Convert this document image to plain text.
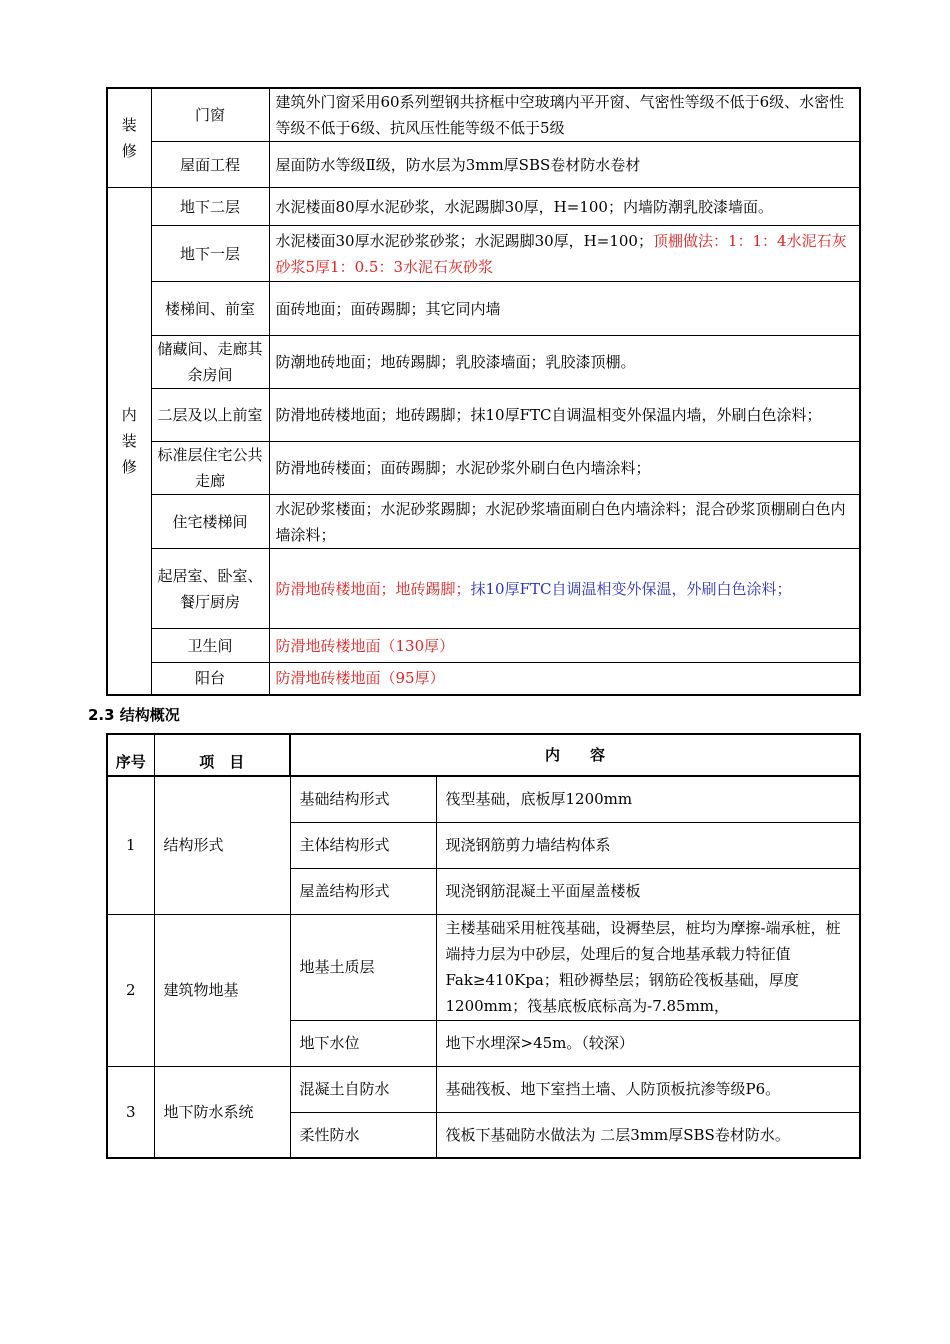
装修	门窗	建筑外门窗采用60系列塑钢共挤框中空玻璃内平开窗、气密性等级不低于6级、水密性等级不低于6级、抗风压性能等级不低于5级
	屋面工程	屋面防水等级Ⅱ级，防水层为3mm厚SBS卷材防水卷材
内装修	地下二层	水泥楼面80厚水泥砂浆，水泥踢脚30厚，H=100；内墙防潮乳胶漆墙面。
	地下一层	水泥楼面30厚水泥砂浆砂浆；水泥踢脚30厚，H=100；顶棚做法：1：1：4水泥石灰砂浆5厚1：0.5：3水泥石灰砂浆
	楼梯间、前室	面砖地面；面砖踢脚；其它同内墙
	储藏间、走廊其余房间	防潮地砖地面；地砖踢脚；乳胶漆墙面；乳胶漆顶棚。
	二层及以上前室	防滑地砖楼地面；地砖踢脚；抹10厚FTC自调温相变外保温内墙，外刷白色涂料；
	标准层住宅公共走廊	防滑地砖楼面；面砖踢脚；水泥砂浆外刷白色内墙涂料；
	住宅楼梯间	水泥砂浆楼面；水泥砂浆踢脚；水泥砂浆墙面刷白色内墙涂料；混合砂浆顶棚刷白色内墙涂料；
	起居室、卧室、餐厅厨房	防滑地砖楼地面；地砖踢脚；抹10厚FTC自调温相变外保温，外刷白色涂料；
	卫生间	防滑地砖楼地面（130厚）
	阳台	防滑地砖楼地面（95厚）
2.3 结构概况
序号	项　目	内　　容	
1	结构形式	基础结构形式	筏型基础，底板厚1200mm
		主体结构形式	现浇钢筋剪力墙结构体系
		屋盖结构形式	现浇钢筋混凝土平面屋盖楼板
2	建筑物地基	地基土质层	主楼基础采用桩筏基础，设褥垫层，桩均为摩擦-端承桩，桩端持力层为中砂层，处理后的复合地基承载力特征值Fak≥410Kpa；粗砂褥垫层；钢筋砼筏板基础，厚度1200mm；筏基底板底标高为-7.85mm，
		地下水位	地下水埋深>45m。（较深）
3	地下防水系统	混凝土自防水	基础筏板、地下室挡土墙、人防顶板抗渗等级P6。
		柔性防水	筏板下基础防水做法为 二层3mm厚SBS卷材防水。
